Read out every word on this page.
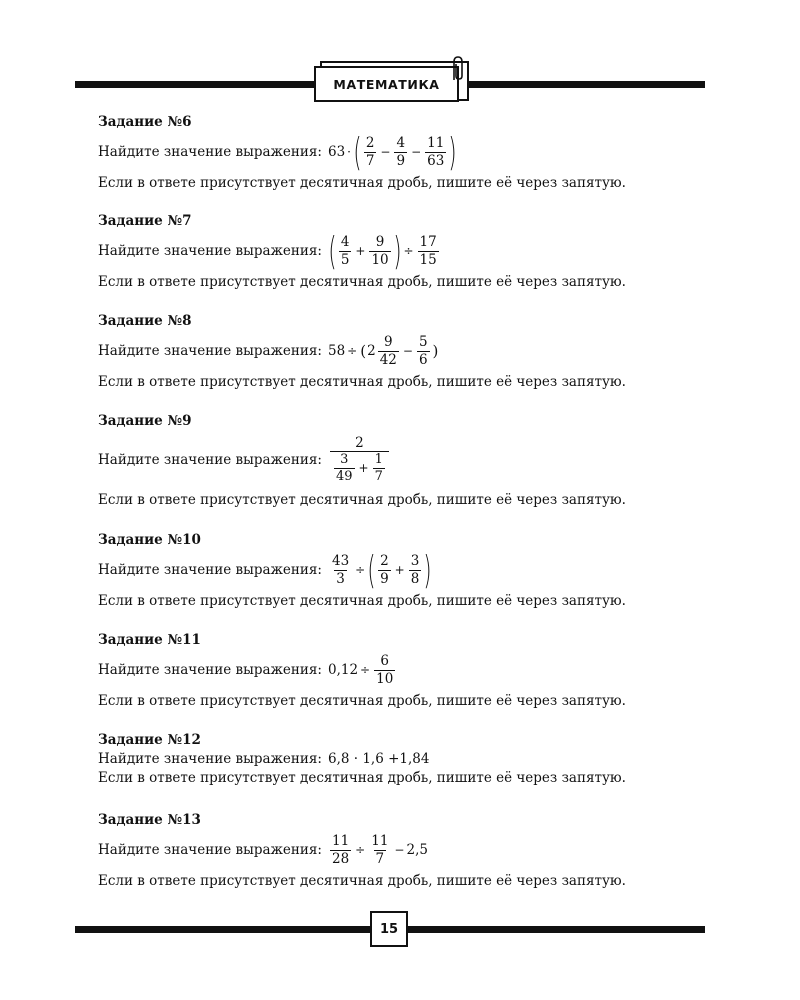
МАТЕМАТИКА
Задание №6
Найдите значение выражения: 63 · ( $\frac{2}{7} - \frac{4}{9} - \frac{11}{63}$ )
Если в ответе присутствует десятичная дробь, пишите её через запятую.
Задание №7
Найдите значение выражения: ( $\frac{4}{5} + \frac{9}{10}$ ) ÷ $\frac{17}{15}$
Если в ответе присутствует десятичная дробь, пишите её через запятую.
Задание №8
Найдите значение выражения: 58 ÷ ( $2 \frac{9}{42} - \frac{5}{6}$ )
Если в ответе присутствует десятичная дробь, пишите её через запятую.
Задание №9
Найдите значение выражения: $\frac{2}{\frac{3}{49} + \frac{1}{7}}$
Если в ответе присутствует десятичная дробь, пишите её через запятую.
Задание №10
Найдите значение выражения: $\frac{43}{3}$ ÷ ( $\frac{2}{9} + \frac{3}{8}$ )
Если в ответе присутствует десятичная дробь, пишите её через запятую.
Задание №11
Найдите значение выражения: $0,12 \div \frac{6}{10}$
Если в ответе присутствует десятичная дробь, пишите её через запятую.
Задание №12
Найдите значение выражения: 6,8 · 1,6 +1,84
Если в ответе присутствует десятичная дробь, пишите её через запятую.
Задание №13
Найдите значение выражения: $\frac{11}{28} \div \frac{11}{7} - 2,5$
Если в ответе присутствует десятичная дробь, пишите её через запятую.
15
